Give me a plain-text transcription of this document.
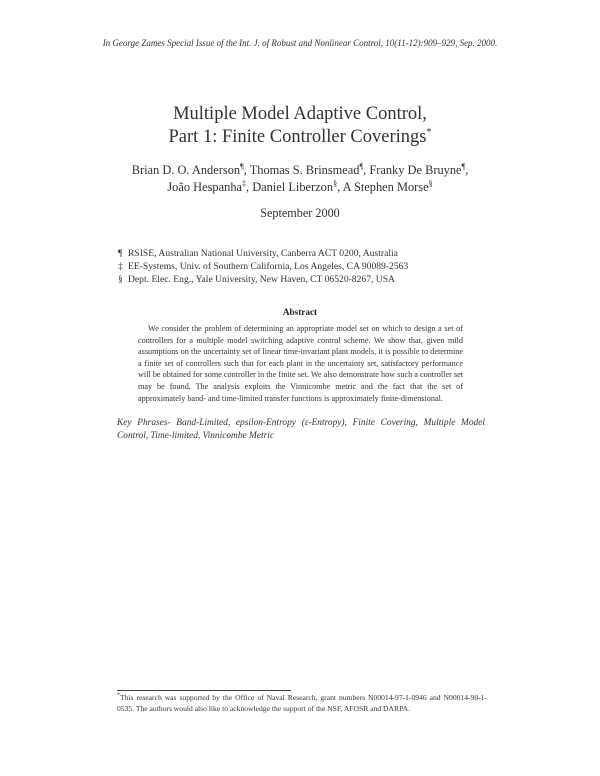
In George Zames Special Issue of the Int. J. of Robust and Nonlinear Control, 10(11-12):909–929, Sep. 2000.
Multiple Model Adaptive Control,
Part 1: Finite Controller Coverings*
Brian D. O. Anderson¶, Thomas S. Brinsmead¶, Franky De Bruyne¶,
João Hespanha‡, Daniel Liberzon§, A Stephen Morse§
September 2000
¶ RSISE, Australian National University, Canberra ACT 0200, Australia
‡ EE-Systems, Univ. of Southern California, Los Angeles, CA 90089-2563
§ Dept. Elec. Eng., Yale University, New Haven, CT 06520-8267, USA
Abstract
We consider the problem of determining an appropriate model set on which to design a set of controllers for a multiple model switching adaptive control scheme. We show that, given mild assumptions on the uncertainty set of linear time-invariant plant models, it is possible to determine a finite set of controllers such that for each plant in the uncertainty set, satisfactory performance will be obtained for some controller in the finite set. We also demonstrate how such a controller set may be found. The analysis exploits the Vinnicombe metric and the fact that the set of approximately band- and time-limited transfer functions is approximately finite-dimensional.
Key Phrases- Band-Limited, epsilon-Entropy (ε-Entropy), Finite Covering, Multiple Model Control, Time-limited, Vinnicombe Metric
*This research was supported by the Office of Naval Research, grant numbers N00014-97-1-0946 and N00014-98-1-0535. The authors would also like to acknowledge the support of the NSF, AFOSR and DARPA.
